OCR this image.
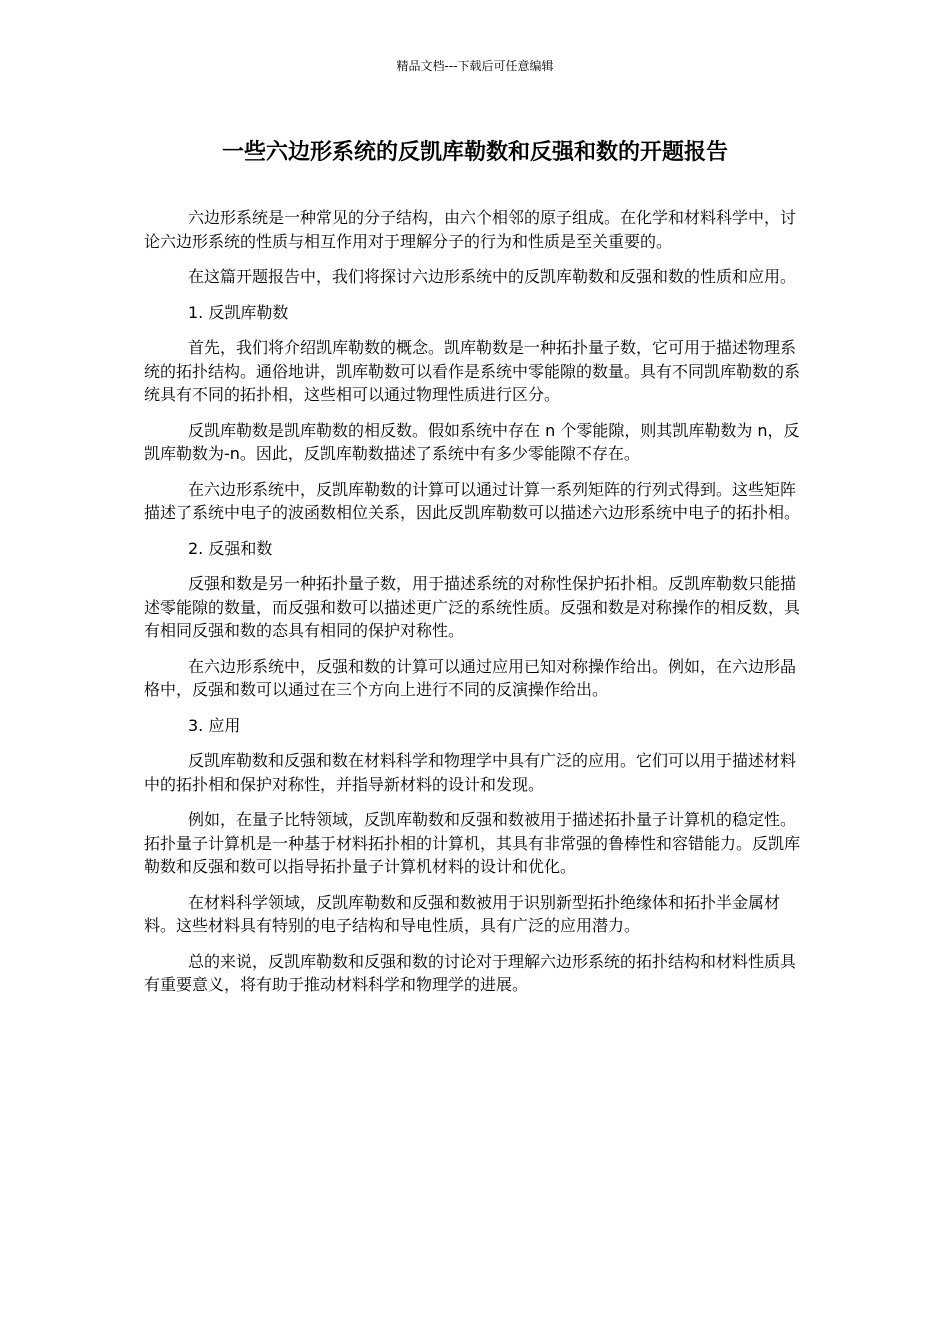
精品文档---下载后可任意编辑
一些六边形系统的反凯库勒数和反强和数的开题报告

六边形系统是一种常见的分子结构，由六个相邻的原子组成。在化学和材料科学中，讨论六边形系统的性质与相互作用对于理解分子的行为和性质是至关重要的。

在这篇开题报告中，我们将探讨六边形系统中的反凯库勒数和反强和数的性质和应用。

1. 反凯库勒数

首先，我们将介绍凯库勒数的概念。凯库勒数是一种拓扑量子数，它可用于描述物理系统的拓扑结构。通俗地讲，凯库勒数可以看作是系统中零能隙的数量。具有不同凯库勒数的系统具有不同的拓扑相，这些相可以通过物理性质进行区分。

反凯库勒数是凯库勒数的相反数。假如系统中存在 n 个零能隙，则其凯库勒数为 n，反凯库勒数为-n。因此，反凯库勒数描述了系统中有多少零能隙不存在。

在六边形系统中，反凯库勒数的计算可以通过计算一系列矩阵的行列式得到。这些矩阵描述了系统中电子的波函数相位关系，因此反凯库勒数可以描述六边形系统中电子的拓扑相。

2. 反强和数

反强和数是另一种拓扑量子数，用于描述系统的对称性保护拓扑相。反凯库勒数只能描述零能隙的数量，而反强和数可以描述更广泛的系统性质。反强和数是对称操作的相反数，具有相同反强和数的态具有相同的保护对称性。

在六边形系统中，反强和数的计算可以通过应用已知对称操作给出。例如，在六边形晶格中，反强和数可以通过在三个方向上进行不同的反演操作给出。

3. 应用

反凯库勒数和反强和数在材料科学和物理学中具有广泛的应用。它们可以用于描述材料中的拓扑相和保护对称性，并指导新材料的设计和发现。

例如，在量子比特领域，反凯库勒数和反强和数被用于描述拓扑量子计算机的稳定性。拓扑量子计算机是一种基于材料拓扑相的计算机，其具有非常强的鲁棒性和容错能力。反凯库勒数和反强和数可以指导拓扑量子计算机材料的设计和优化。

在材料科学领域，反凯库勒数和反强和数被用于识别新型拓扑绝缘体和拓扑半金属材料。这些材料具有特别的电子结构和导电性质，具有广泛的应用潜力。

总的来说，反凯库勒数和反强和数的讨论对于理解六边形系统的拓扑结构和材料性质具有重要意义，将有助于推动材料科学和物理学的进展。
